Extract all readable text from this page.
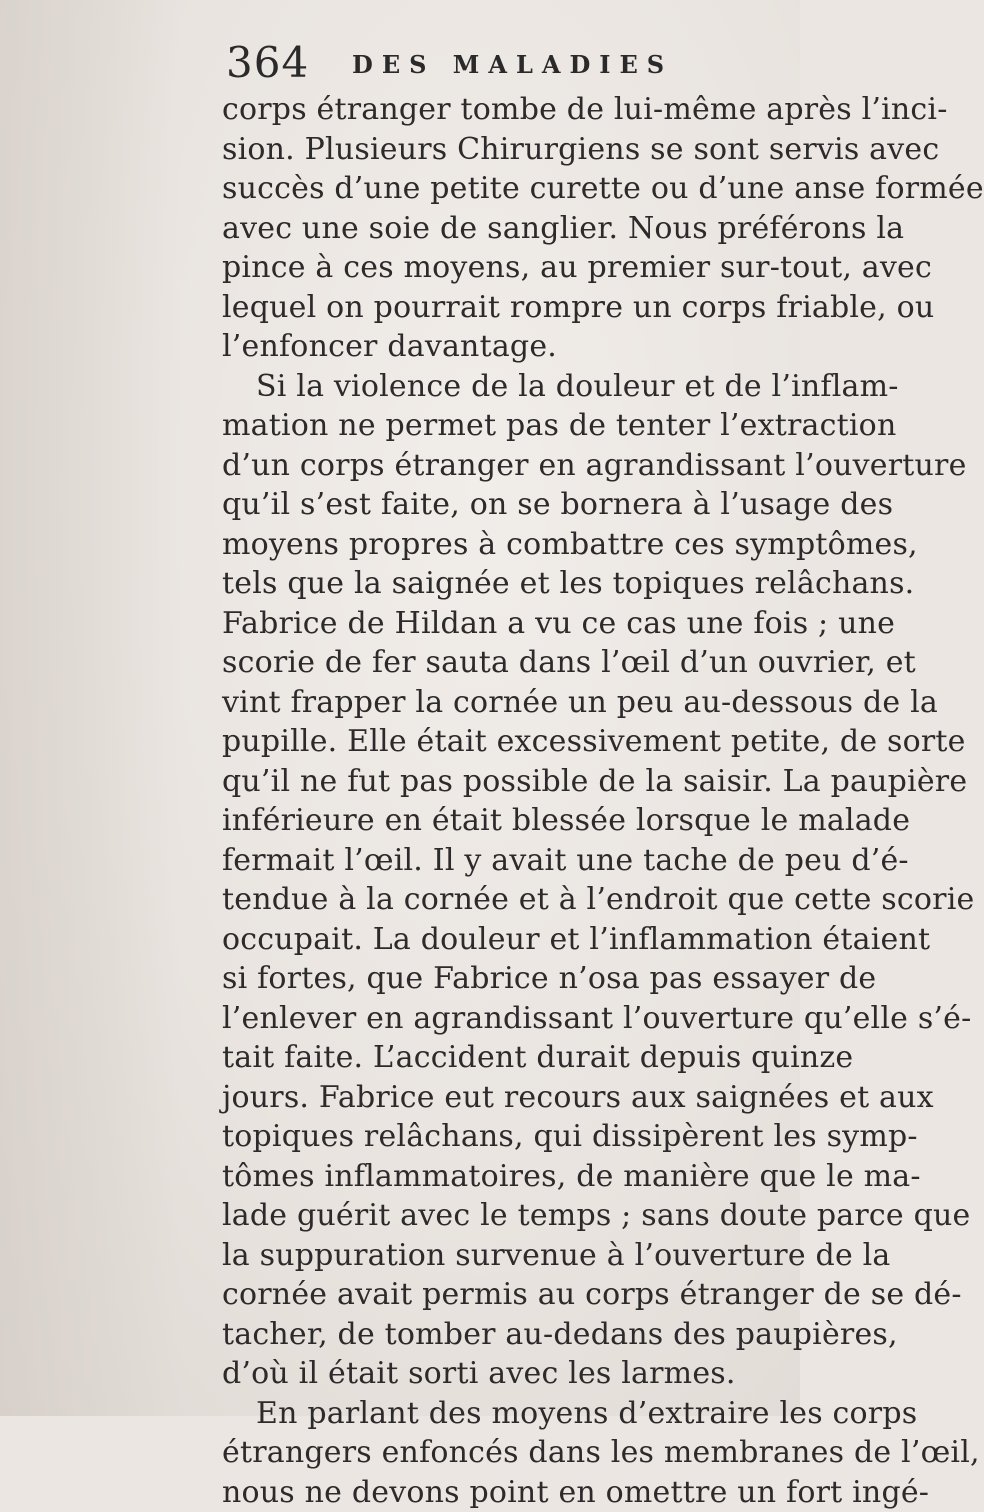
364 DES MALADIES
corps étranger tombe de lui-même après l’inci-
sion. Plusieurs Chirurgiens se sont servis avec
succès d’une petite curette ou d’une anse formée
avec une soie de sanglier. Nous préférons la
pince à ces moyens, au premier sur-tout, avec
lequel on pourrait rompre un corps friable, ou
l’enfoncer davantage.
Si la violence de la douleur et de l’inflam-
mation ne permet pas de tenter l’extraction
d’un corps étranger en agrandissant l’ouverture
qu’il s’est faite, on se bornera à l’usage des
moyens propres à combattre ces symptômes,
tels que la saignée et les topiques relâchans.
Fabrice de Hildan a vu ce cas une fois ; une
scorie de fer sauta dans l’œil d’un ouvrier, et
vint frapper la cornée un peu au-dessous de la
pupille. Elle était excessivement petite, de sorte
qu’il ne fut pas possible de la saisir. La paupière
inférieure en était blessée lorsque le malade
fermait l’œil. Il y avait une tache de peu d’é-
tendue à la cornée et à l’endroit que cette scorie
occupait. La douleur et l’inflammation étaient
si fortes, que Fabrice n’osa pas essayer de
l’enlever en agrandissant l’ouverture qu’elle s’é-
tait faite. L’accident durait depuis quinze
jours. Fabrice eut recours aux saignées et aux
topiques relâchans, qui dissipèrent les symp-
tômes inflammatoires, de manière que le ma-
lade guérit avec le temps ; sans doute parce que
la suppuration survenue à l’ouverture de la
cornée avait permis au corps étranger de se dé-
tacher, de tomber au-dedans des paupières,
d’où il était sorti avec les larmes.
En parlant des moyens d’extraire les corps
étrangers enfoncés dans les membranes de l’œil,
nous ne devons point en omettre un fort ingé-
